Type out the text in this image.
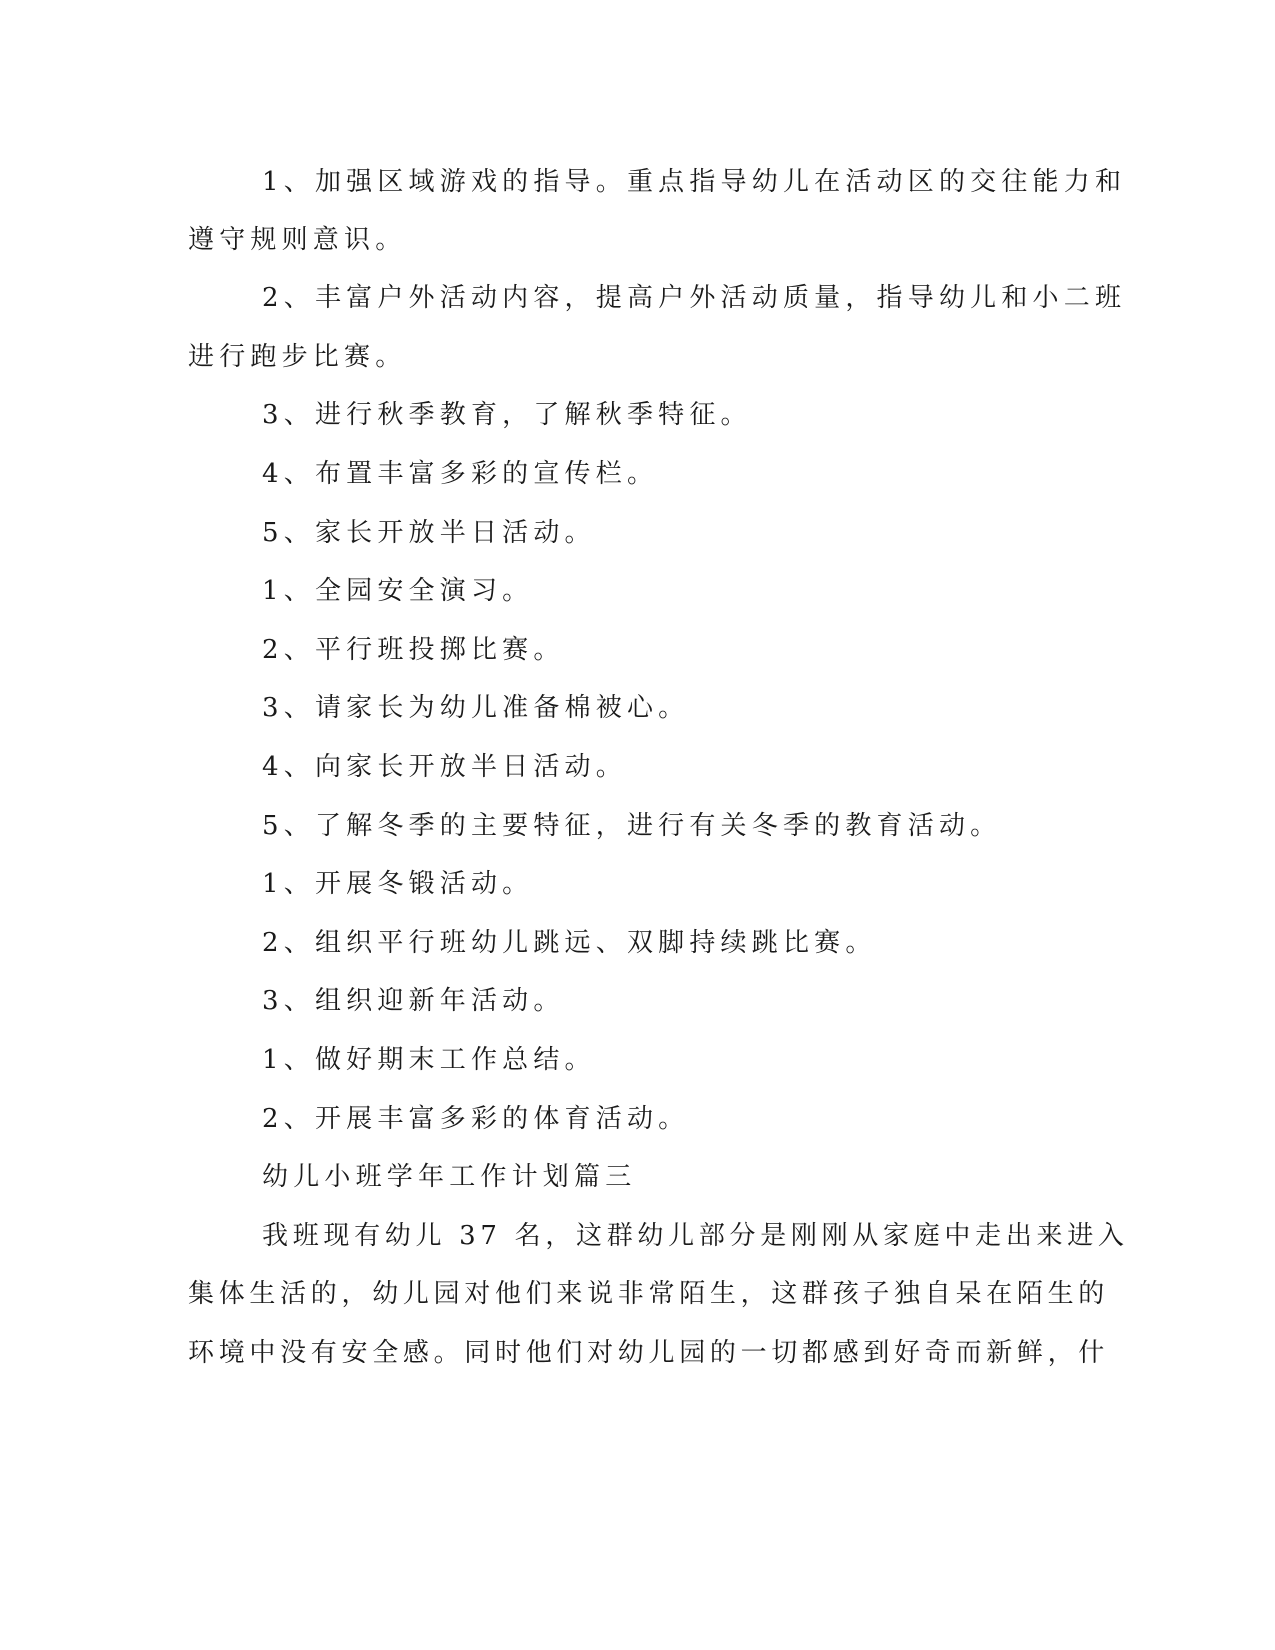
1、加强区域游戏的指导。重点指导幼儿在活动区的交往能力和
遵守规则意识。
2、丰富户外活动内容，提高户外活动质量，指导幼儿和小二班
进行跑步比赛。
3、进行秋季教育，了解秋季特征。
4、布置丰富多彩的宣传栏。
5、家长开放半日活动。
1、全园安全演习。
2、平行班投掷比赛。
3、请家长为幼儿准备棉被心。
4、向家长开放半日活动。
5、了解冬季的主要特征，进行有关冬季的教育活动。
1、开展冬锻活动。
2、组织平行班幼儿跳远、双脚持续跳比赛。
3、组织迎新年活动。
1、做好期末工作总结。
2、开展丰富多彩的体育活动。
幼儿小班学年工作计划篇三
我班现有幼儿 37 名，这群幼儿部分是刚刚从家庭中走出来进入
集体生活的，幼儿园对他们来说非常陌生，这群孩子独自呆在陌生的
环境中没有安全感。同时他们对幼儿园的一切都感到好奇而新鲜，什
